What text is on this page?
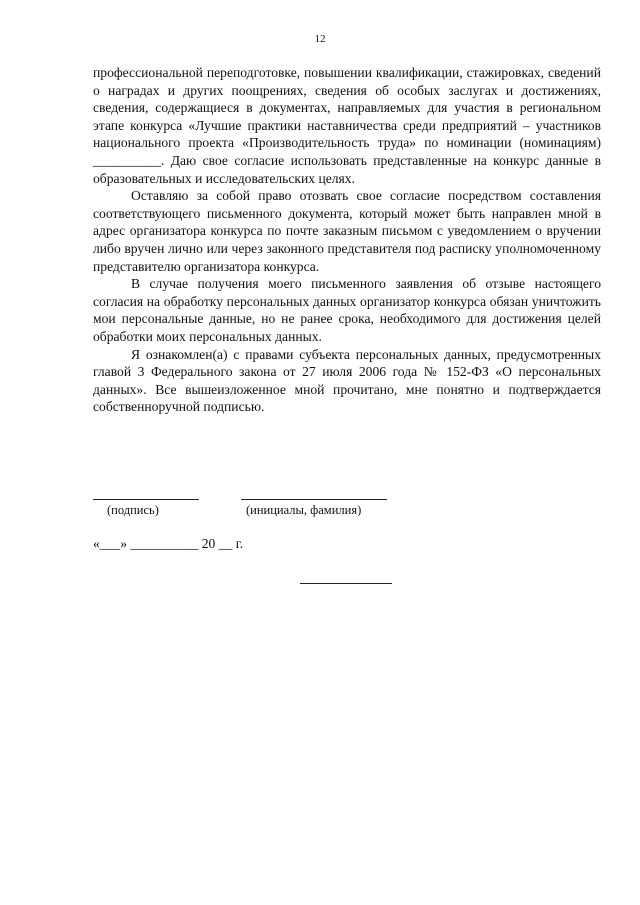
12

профессиональной переподготовке, повышении квалификации, стажировках, сведений о наградах и других поощрениях, сведения об особых заслугах и достижениях, сведения, содержащиеся в документах, направляемых для участия в региональном этапе конкурса «Лучшие практики наставничества среди предприятий – участников национального проекта «Производительность труда» по номинации (номинациям) __________. Даю свое согласие использовать представленные на конкурс данные в образовательных и исследовательских целях.

Оставляю за собой право отозвать свое согласие посредством составления соответствующего письменного документа, который может быть направлен мной в адрес организатора конкурса по почте заказным письмом с уведомлением о вручении либо вручен лично или через законного представителя под расписку уполномоченному представителю организатора конкурса.

В случае получения моего письменного заявления об отзыве настоящего согласия на обработку персональных данных организатор конкурса обязан уничтожить мои персональные данные, но не ранее срока, необходимого для достижения целей обработки моих персональных данных.

Я ознакомлен(а) с правами субъекта персональных данных, предусмотренных главой 3 Федерального закона от 27 июля 2006 года № 152-ФЗ «О персональных данных». Все вышеизложенное мной прочитано, мне понятно и подтверждается собственноручной подписью.

(подпись)	(инициалы, фамилия)
«___» __________ 20 __ г.
